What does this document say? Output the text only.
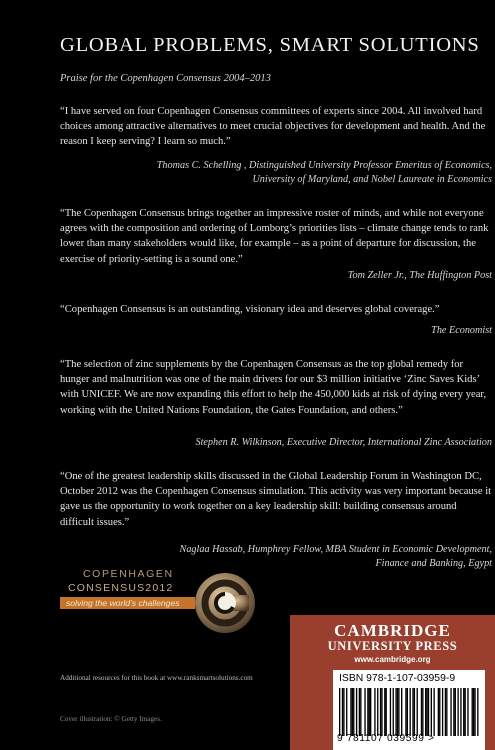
GLOBAL PROBLEMS, SMART SOLUTIONS
Praise for the Copenhagen Consensus 2004–2013
“I have served on four Copenhagen Consensus committees of experts since 2004. All involved hard choices among attractive alternatives to meet crucial objectives for development and health. And the reason I keep serving? I learn so much.”
Thomas C. Schelling , Distinguished University Professor Emeritus of Economics,
University of Maryland, and Nobel Laureate in Economics
“The Copenhagen Consensus brings together an impressive roster of minds, and while not everyone agrees with the composition and ordering of Lomborg’s priorities lists – climate change tends to rank lower than many stakeholders would like, for example – as a point of departure for discussion, the exercise of priority-setting is a sound one.”
Tom Zeller Jr., The Huffington Post
“Copenhagen Consensus is an outstanding, visionary idea and deserves global coverage.”
The Economist
“The selection of zinc supplements by the Copenhagen Consensus as the top global remedy for hunger and malnutrition was one of the main drivers for our $3 million initiative ‘Zinc Saves Kids’ with UNICEF. We are now expanding this effort to help the 450,000 kids at risk of dying every year, working with the United Nations Foundation, the Gates Foundation, and others.”
Stephen R. Wilkinson, Executive Director, International Zinc Association
“One of the greatest leadership skills discussed in the Global Leadership Forum in Washington DC, October 2012 was the Copenhagen Consensus simulation. This activity was very important because it gave us the opportunity to work together on a key leadership skill: building consensus around difficult issues.”
Naglaa Hassab, Humphrey Fellow, MBA Student in Economic Development,
Finance and Banking, Egypt
COPENHAGEN
CONSENSUS2012
solving the world’s challenges
Additional resources for this book at www.ranksmartsolutions.com
Cover illustration: © Getty Images.
CAMBRIDGE
UNIVERSITY PRESS
www.cambridge.org
ISBN 978-1-107-03959-9
9 781107 039599 >
